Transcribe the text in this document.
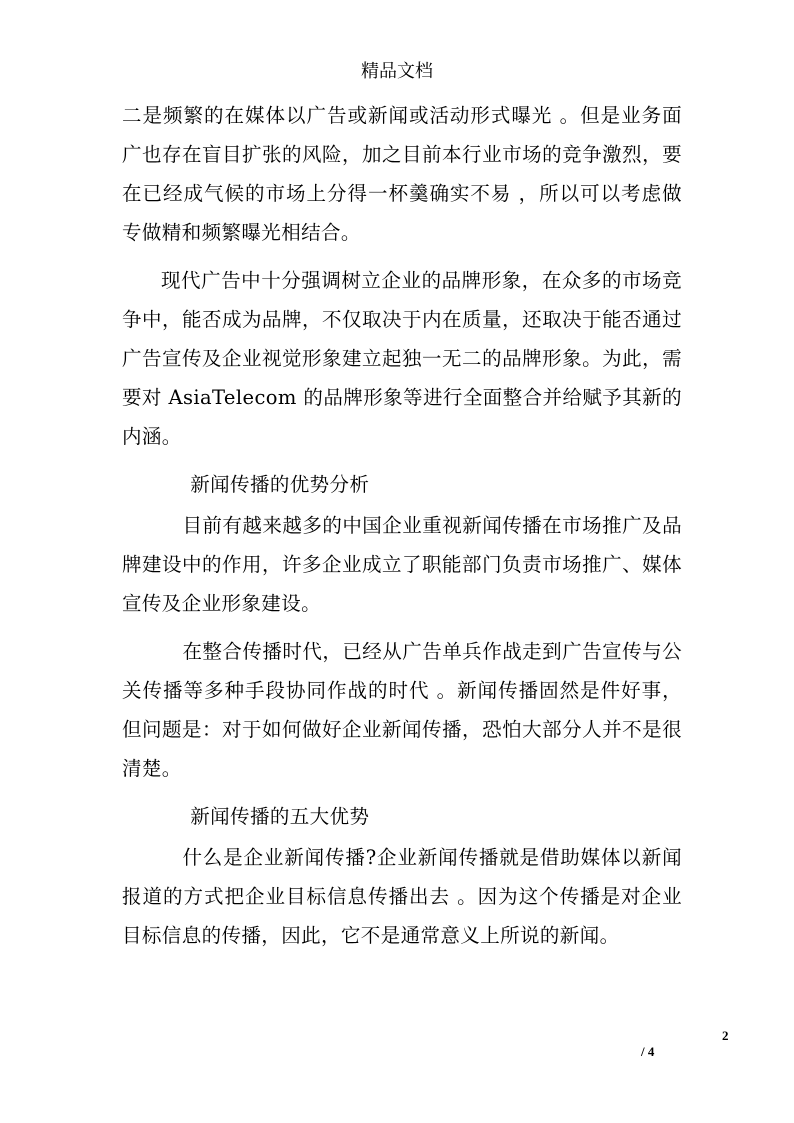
精品文档

二是频繁的在媒体以广告或新闻或活动形式曝光 。但是业务面广也存在盲目扩张的风险，加之目前本行业市场的竞争激烈，要在已经成气候的市场上分得一杯羹确实不易 ，所以可以考虑做专做精和频繁曝光相结合。

现代广告中十分强调树立企业的品牌形象，在众多的市场竞争中，能否成为品牌，不仅取决于内在质量，还取决于能否通过广告宣传及企业视觉形象建立起独一无二的品牌形象。为此，需要对 AsiaTelecom 的品牌形象等进行全面整合并给赋予其新的内涵。

新闻传播的优势分析

目前有越来越多的中国企业重视新闻传播在市场推广及品牌建设中的作用，许多企业成立了职能部门负责市场推广、媒体宣传及企业形象建设。

在整合传播时代，已经从广告单兵作战走到广告宣传与公关传播等多种手段协同作战的时代 。新闻传播固然是件好事，但问题是：对于如何做好企业新闻传播，恐怕大部分人并不是很清楚。

新闻传播的五大优势

什么是企业新闻传播?企业新闻传播就是借助媒体以新闻报道的方式把企业目标信息传播出去 。因为这个传播是对企业目标信息的传播，因此，它不是通常意义上所说的新闻。

2
/ 4
